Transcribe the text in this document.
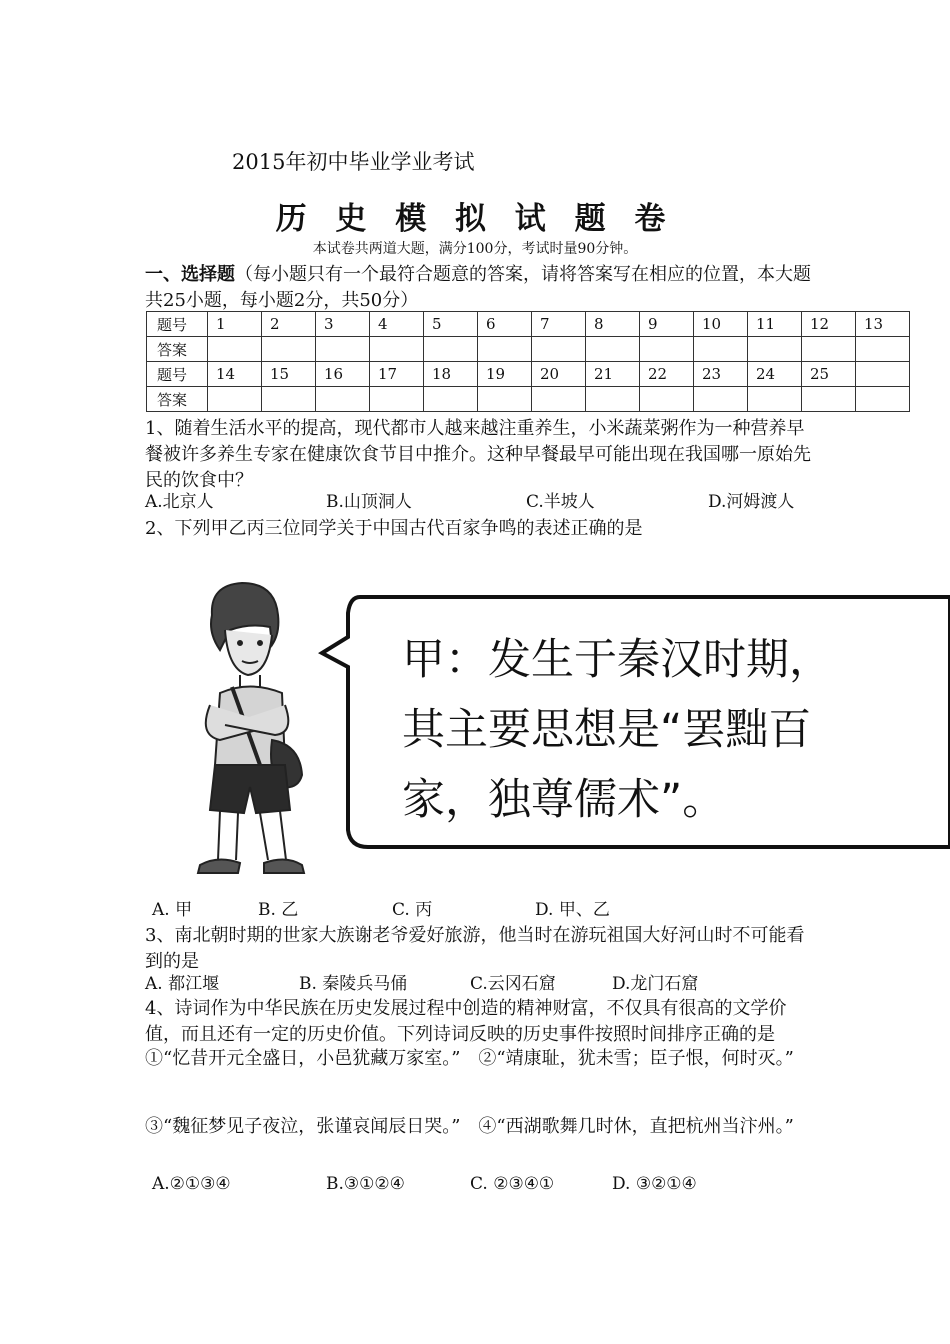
2015年初中毕业学业考试
历 史 模 拟 试 题 卷
本试卷共两道大题，满分100分，考试时量90分钟。
一、选择题（每小题只有一个最符合题意的答案，请将答案写在相应的位置，本大题共25小题，每小题2分，共50分）
题号	1	2	3	4	5	6	7	8	9	10	11	12	13
答案													
题号	14	15	16	17	18	19	20	21	22	23	24	25	
答案													
1、随着生活水平的提高，现代都市人越来越注重养生，小米蔬菜粥作为一种营养早餐被许多养生专家在健康饮食节目中推介。这种早餐最早可能出现在我国哪一原始先民的饮食中？
A.北京人	B.山顶洞人	C.半坡人	D.河姆渡人
2、下列甲乙丙三位同学关于中国古代百家争鸣的表述正确的是
甲：发生于秦汉时期，
其主要思想是“罢黜百
家，独尊儒术”。
A. 甲	B. 乙	C. 丙	D. 甲、乙
3、南北朝时期的世家大族谢老爷爱好旅游，他当时在游玩祖国大好河山时不可能看到的是
A. 都江堰	B. 秦陵兵马俑	C.云冈石窟	D.龙门石窟
4、诗词作为中华民族在历史发展过程中创造的精神财富，不仅具有很高的文学价值，而且还有一定的历史价值。下列诗词反映的历史事件按照时间排序正确的是
①“忆昔开元全盛日，小邑犹藏万家室。”　②“靖康耻，犹未雪；臣子恨，何时灭。”
③“魏征梦见子夜泣，张谨哀闻辰日哭。”　④“西湖歌舞几时休，直把杭州当汴州。”
A.②①③④	B.③①②④	C. ②③④①	D. ③②①④
